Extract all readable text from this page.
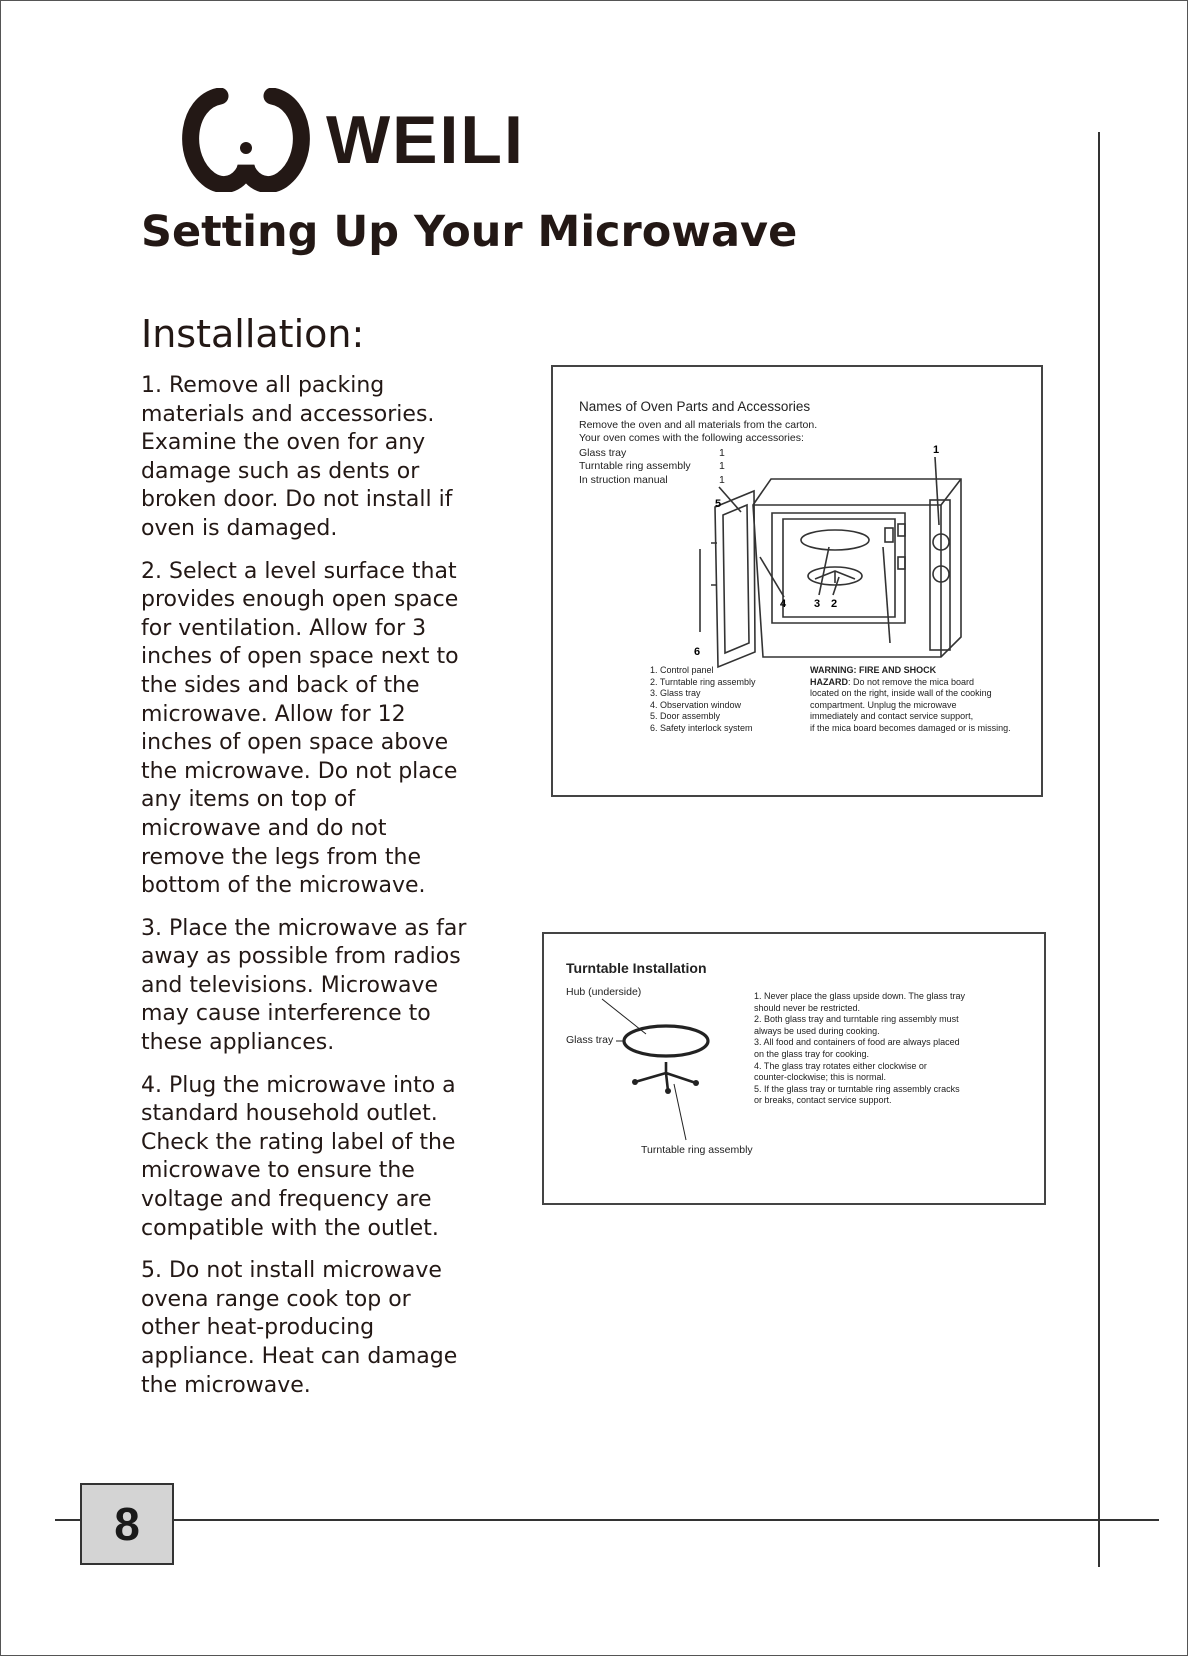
WEILI
Setting Up Your Microwave
Installation:

1. Remove all packing materials and accessories. Examine the oven for any damage such as dents or broken door. Do not install if oven is damaged.

2. Select a level surface that provides enough open space for ventilation. Allow for 3 inches of open space next to the sides and back of the microwave. Allow for 12 inches of open space above the microwave. Do not place any items on top of microwave and do not remove the legs from the bottom of the microwave.

3. Place the microwave as far away as possible from radios and televisions. Microwave may cause interference to these appliances.

4. Plug the microwave into a standard household outlet. Check the rating label of the microwave to ensure the voltage and frequency are compatible with the outlet.

5. Do not install microwave ovena range cook top or other heat-producing appliance. Heat can damage the microwave.

Names of Oven Parts and Accessories
Remove the oven and all materials from the carton.
Your oven comes with the following accessories:
Glass tray	1
Turntable ring assembly	1
In struction manual	1
1
2
3
4
5
6
1. Control panel
2. Turntable ring assembly
3. Glass tray
4. Observation window
5. Door assembly
6. Safety interlock system
WARNING: FIRE AND SHOCK
HAZARD: Do not remove the mica board
located on the right, inside wall of the cooking
compartment. Unplug the microwave
immediately and contact service support,
if the mica board becomes damaged or is missing.
Turntable Installation
Hub (underside)
Glass tray
Turntable ring assembly
1. Never place the glass upside down. The glass tray
should never be restricted.
2. Both glass tray and turntable ring assembly must
always be used during cooking.
3. All food and containers of food are always placed
on the glass tray for cooking.
4. The glass tray rotates either clockwise or
counter-clockwise; this is normal.
5. If the glass tray or turntable ring assembly cracks
or breaks, contact service support.
8
